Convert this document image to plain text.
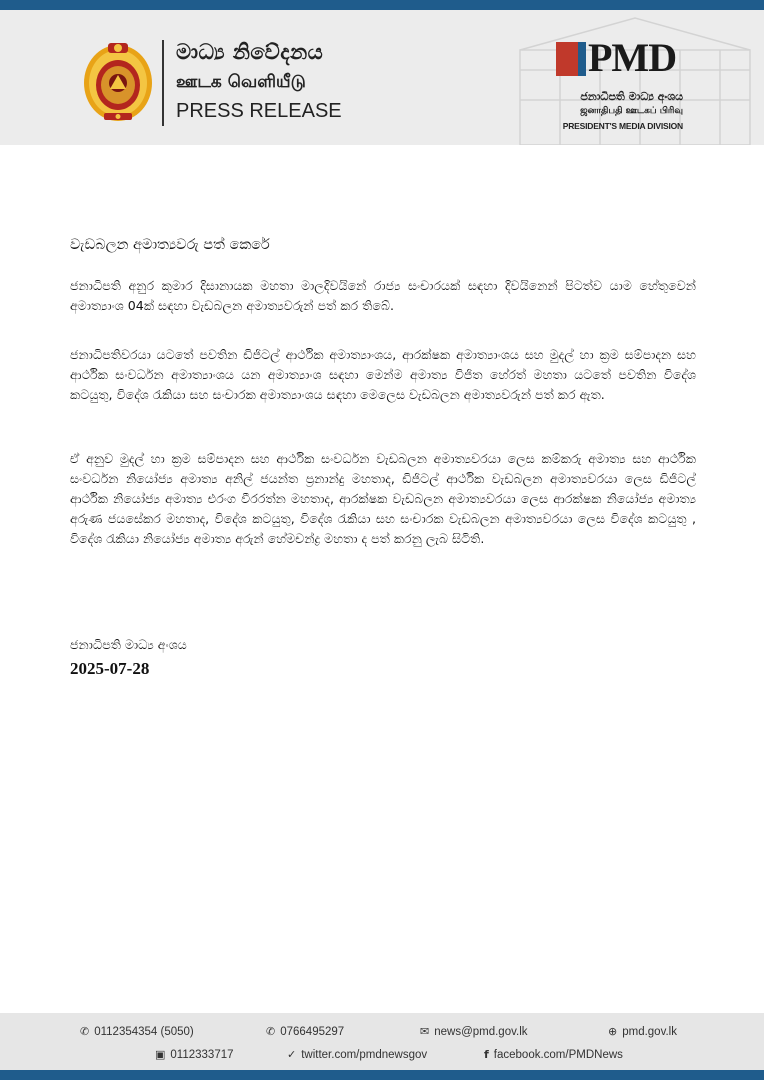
මාධ්‍ය නිවේදනය
ஊடக வெளியீடு
PRESS RELEASE
PMD
ජනාධිපති මාධ්‍ය අංශය
ஜனாதிபதி ஊடகப் பிரிவு
PRESIDENT'S MEDIA DIVISION
වැඩබලන අමාත්‍යවරු පත් කෙරේ

ජනාධිපති අනුර කුමාර දිසානායක මහතා මාලදිවයිනේ රාජ්‍ය සංචාරයක් සඳහා දිවයිනෙන් පිටත්ව යාම හේතුවෙන් අමාත්‍යාංශ 04ක් සඳහා වැඩබලන අමාත්‍යවරුන් පත් කර තිබේ.

ජනාධිපතිවරයා යටතේ පවතින ඩිජිටල් ආර්ථික අමාත්‍යාංශය, ආරක්ෂක අමාත්‍යාංශය සහ මුදල් හා ක්‍රම සම්පාදන සහ ආර්ථික සංවර්ධන අමාත්‍යාංශය යන අමාත්‍යාංශ සඳහා මෙන්ම අමාත්‍ය විජිත හේරත් මහතා යටතේ පවතින විදේශ කටයුතු, විදේශ රැකියා සහ සංචාරක අමාත්‍යාංශය සඳහා මෙලෙස වැඩබලන අමාත්‍යවරුන් පත් කර ඇත.

ඒ අනුව මුදල් හා ක්‍රම සම්පාදන සහ ආර්ථික සංවර්ධන වැඩබලන අමාත්‍යවරයා ලෙස කම්කරු අමාත්‍ය සහ ආර්ථික සංවර්ධන නියෝජ්‍ය අමාත්‍ය අනිල් ජයන්ත ප්‍රනාන්දු මහතාද, ඩිජිටල් ආර්ථික වැඩබලන අමාත්‍යවරයා ලෙස ඩිජිටල් ආර්ථික නියෝජ්‍ය අමාත්‍ය එරංග වීරරත්න මහතාද, ආරක්ෂක වැඩබලන අමාත්‍යවරයා ලෙස ආරක්ෂක නියෝජ්‍ය අමාත්‍ය අරුණ ජයසේකර මහතාද, විදේශ කටයුතු, විදේශ රැකියා සහ සංචාරක වැඩබලන අමාත්‍යවරයා ලෙස විදේශ කටයුතු , විදේශ රැකියා නියෝජ්‍ය අමාත්‍ය අරුන් හේමචන්ද්‍ර මහතා ද පත් කරනු ලැබ සිටිති.

ජනාධිපති මාධ්‍ය අංශය
2025-07-28
✆ 0112354354 (5050)	✆ 0766495297	✉ news@pmd.gov.lk	⊕ pmd.gov.lk
▣ 0112333717	✓ twitter.com/pmdnewsgov	f facebook.com/PMDNews
